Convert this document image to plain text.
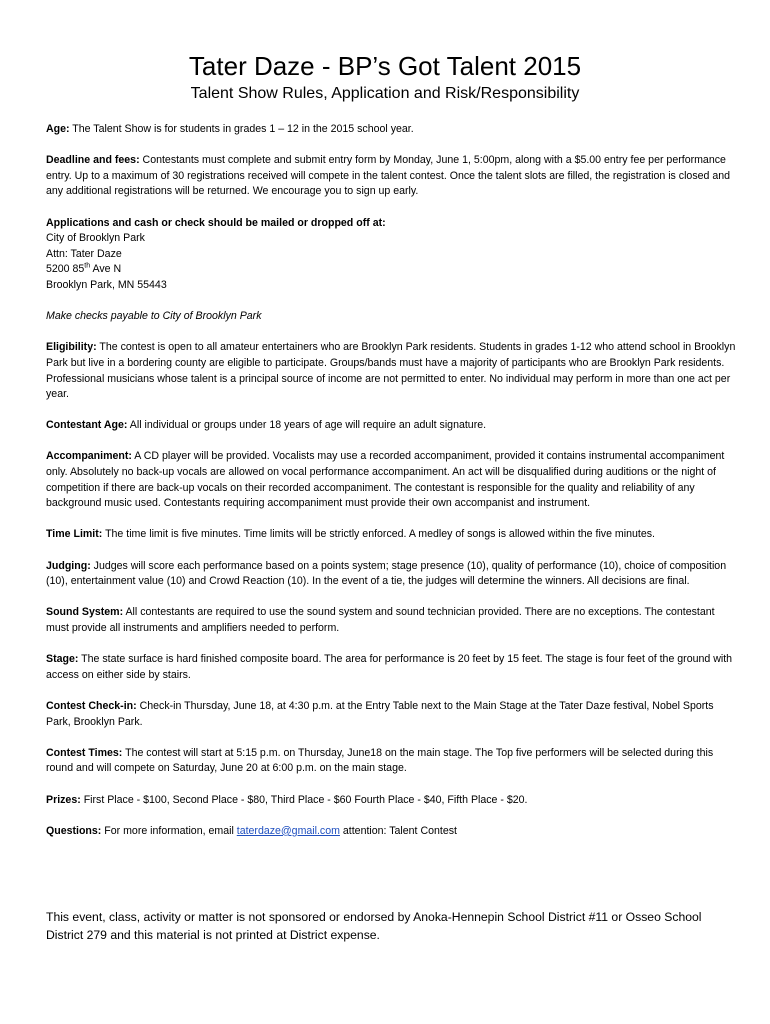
Tater Daze - BP’s Got Talent 2015
Talent Show Rules, Application and Risk/Responsibility

Age: The Talent Show is for students in grades 1 – 12 in the 2015 school year.

Deadline and fees: Contestants must complete and submit entry form by Monday, June 1, 5:00pm, along with a $5.00 entry fee per performance entry. Up to a maximum of 30 registrations received will compete in the talent contest. Once the talent slots are filled, the registration is closed and any additional registrations will be returned. We encourage you to sign up early.

Applications and cash or check should be mailed or dropped off at:
City of Brooklyn Park
Attn: Tater Daze
5200 85th Ave N
Brooklyn Park, MN 55443

Make checks payable to City of Brooklyn Park

Eligibility: The contest is open to all amateur entertainers who are Brooklyn Park residents. Students in grades 1-12 who attend school in Brooklyn Park but live in a bordering county are eligible to participate. Groups/bands must have a majority of participants who are Brooklyn Park residents. Professional musicians whose talent is a principal source of income are not permitted to enter. No individual may perform in more than one act per year.

Contestant Age: All individual or groups under 18 years of age will require an adult signature.

Accompaniment: A CD player will be provided. Vocalists may use a recorded accompaniment, provided it contains instrumental accompaniment only. Absolutely no back-up vocals are allowed on vocal performance accompaniment. An act will be disqualified during auditions or the night of competition if there are back-up vocals on their recorded accompaniment. The contestant is responsible for the quality and reliability of any background music used. Contestants requiring accompaniment must provide their own accompanist and instrument.

Time Limit: The time limit is five minutes. Time limits will be strictly enforced. A medley of songs is allowed within the five minutes.

Judging: Judges will score each performance based on a points system; stage presence (10), quality of performance (10), choice of composition (10), entertainment value (10) and Crowd Reaction (10). In the event of a tie, the judges will determine the winners. All decisions are final.

Sound System: All contestants are required to use the sound system and sound technician provided. There are no exceptions. The contestant must provide all instruments and amplifiers needed to perform.

Stage: The state surface is hard finished composite board. The area for performance is 20 feet by 15 feet. The stage is four feet of the ground with access on either side by stairs.

Contest Check-in: Check-in Thursday, June 18, at 4:30 p.m. at the Entry Table next to the Main Stage at the Tater Daze festival, Nobel Sports Park, Brooklyn Park.

Contest Times: The contest will start at 5:15 p.m. on Thursday, June18 on the main stage. The Top five performers will be selected during this round and will compete on Saturday, June 20 at 6:00 p.m. on the main stage.

Prizes: First Place - $100, Second Place - $80, Third Place - $60 Fourth Place - $40, Fifth Place - $20.

Questions: For more information, email taterdaze@gmail.com attention: Talent Contest

This event, class, activity or matter is not sponsored or endorsed by Anoka-Hennepin School District #11 or Osseo School District 279 and this material is not printed at District expense.
